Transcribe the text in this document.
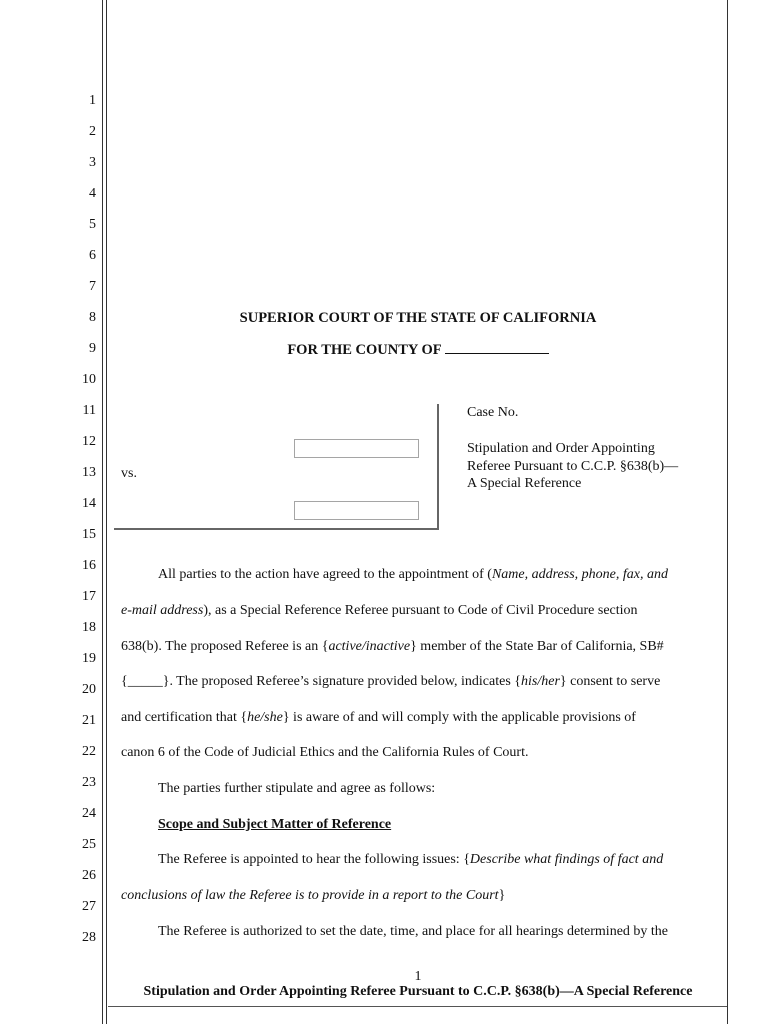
1
2
3
4
5
6
7
8
9
10
11
12
13
14
15
16
17
18
19
20
21
22
23
24
25
26
27
28
SUPERIOR COURT OF THE STATE OF CALIFORNIA
FOR THE COUNTY OF
vs.
Case No.
Stipulation and Order Appointing
Referee Pursuant to C.C.P. §638(b)—
A Special Reference
All parties to the action have agreed to the appointment of (Name, address, phone, fax, and
e-mail address), as a Special Reference Referee pursuant to Code of Civil Procedure section
638(b). The proposed Referee is an {active/inactive} member of the State Bar of California, SB#
{_____}. The proposed Referee’s signature provided below, indicates {his/her} consent to serve
and certification that {he/she} is aware of and will comply with the applicable provisions of
canon 6 of the Code of Judicial Ethics and the California Rules of Court.
The parties further stipulate and agree as follows:
Scope and Subject Matter of Reference
The Referee is appointed to hear the following issues: {Describe what findings of fact and
conclusions of law the Referee is to provide in a report to the Court}
The Referee is authorized to set the date, time, and place for all hearings determined by the
1
Stipulation and Order Appointing Referee Pursuant to C.C.P. §638(b)—A Special Reference
